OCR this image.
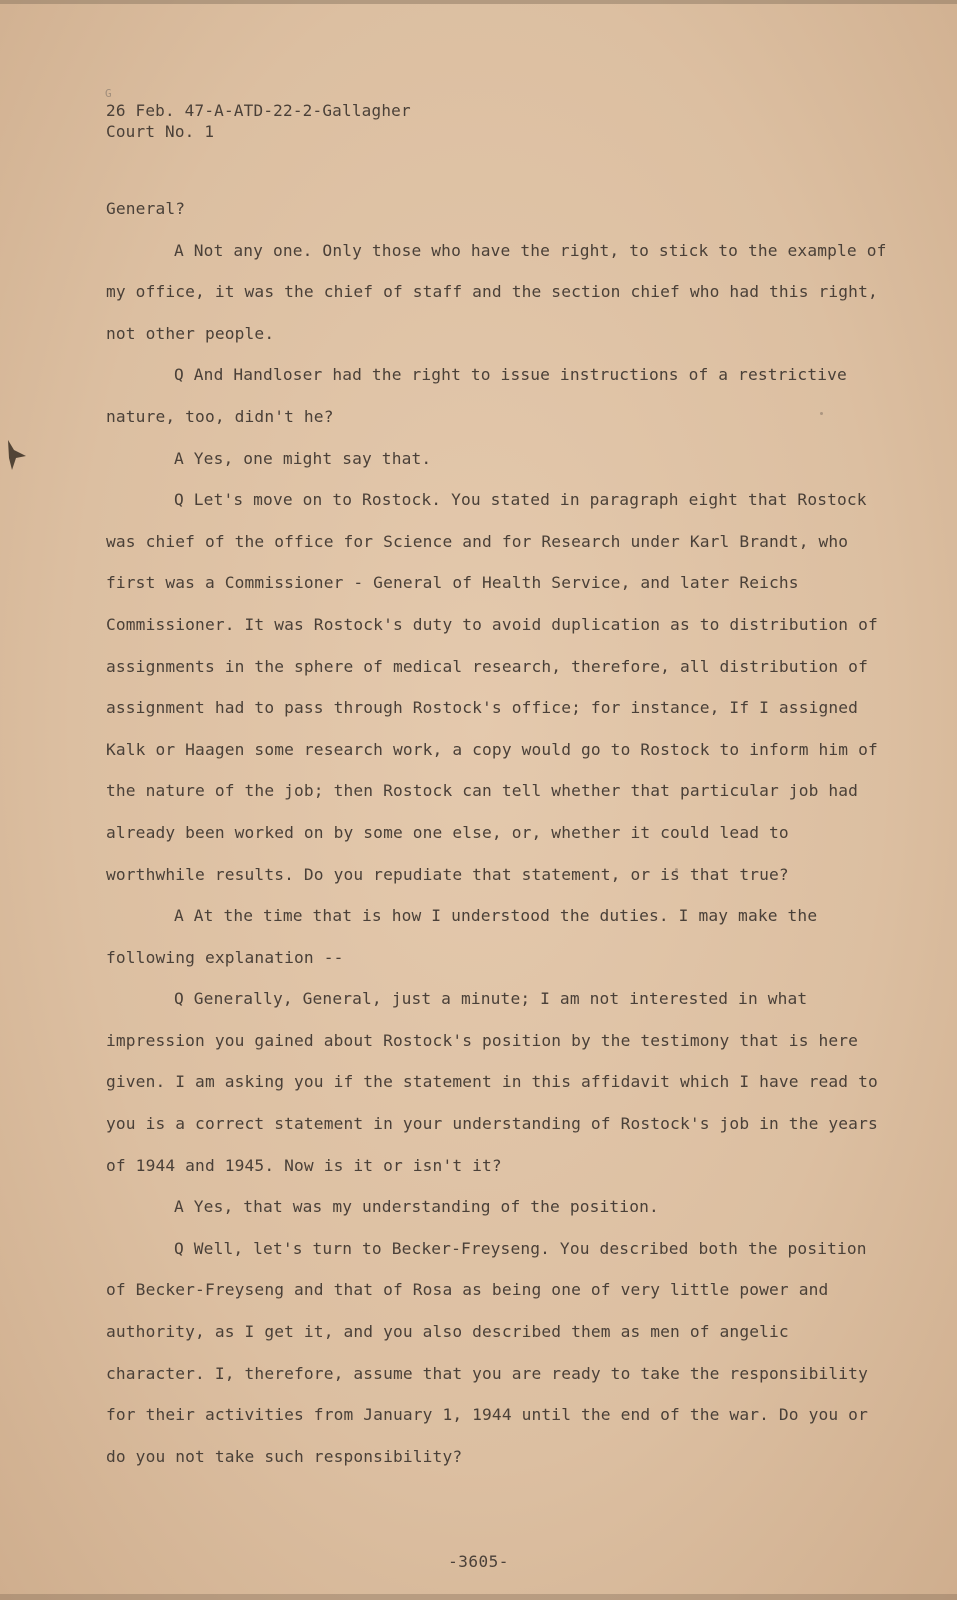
G
26 Feb. 47-A-ATD-22-2-Gallagher
Court No. 1

General?

A Not any one. Only those who have the right, to stick to the example of my office, it was the chief of staff and the section chief who had this right, not other people.

Q And Handloser had the right to issue instructions of a restrictive nature, too, didn't he?

A Yes, one might say that.

Q Let's move on to Rostock. You stated in paragraph eight that Rostock was chief of the office for Science and for Research under Karl Brandt, who first was a Commissioner - General of Health Service, and later Reichs Commissioner. It was Rostock's duty to avoid duplication as to distribution of assignments in the sphere of medical research, therefore, all distribution of assignment had to pass through Rostock's office; for instance, If I assigned Kalk or Haagen some research work, a copy would go to Rostock to inform him of the nature of the job; then Rostock can tell whether that particular job had already been worked on by some one else, or, whether it could lead to worthwhile results. Do you repudiate that statement, or is that true?

A At the time that is how I understood the duties. I may make the following explanation --

Q Generally, General, just a minute; I am not interested in what impression you gained about Rostock's position by the testimony that is here given. I am asking you if the statement in this affidavit which I have read to you is a correct statement in your understanding of Rostock's job in the years of 1944 and 1945. Now is it or isn't it?

A Yes, that was my understanding of the position.

Q Well, let's turn to Becker-Freyseng. You described both the position of Becker-Freyseng and that of Rosa as being one of very little power and authority, as I get it, and you also described them as men of angelic character. I, therefore, assume that you are ready to take the responsibility for their activities from January 1, 1944 until the end of the war. Do you or do you not take such responsibility?

-3605-
